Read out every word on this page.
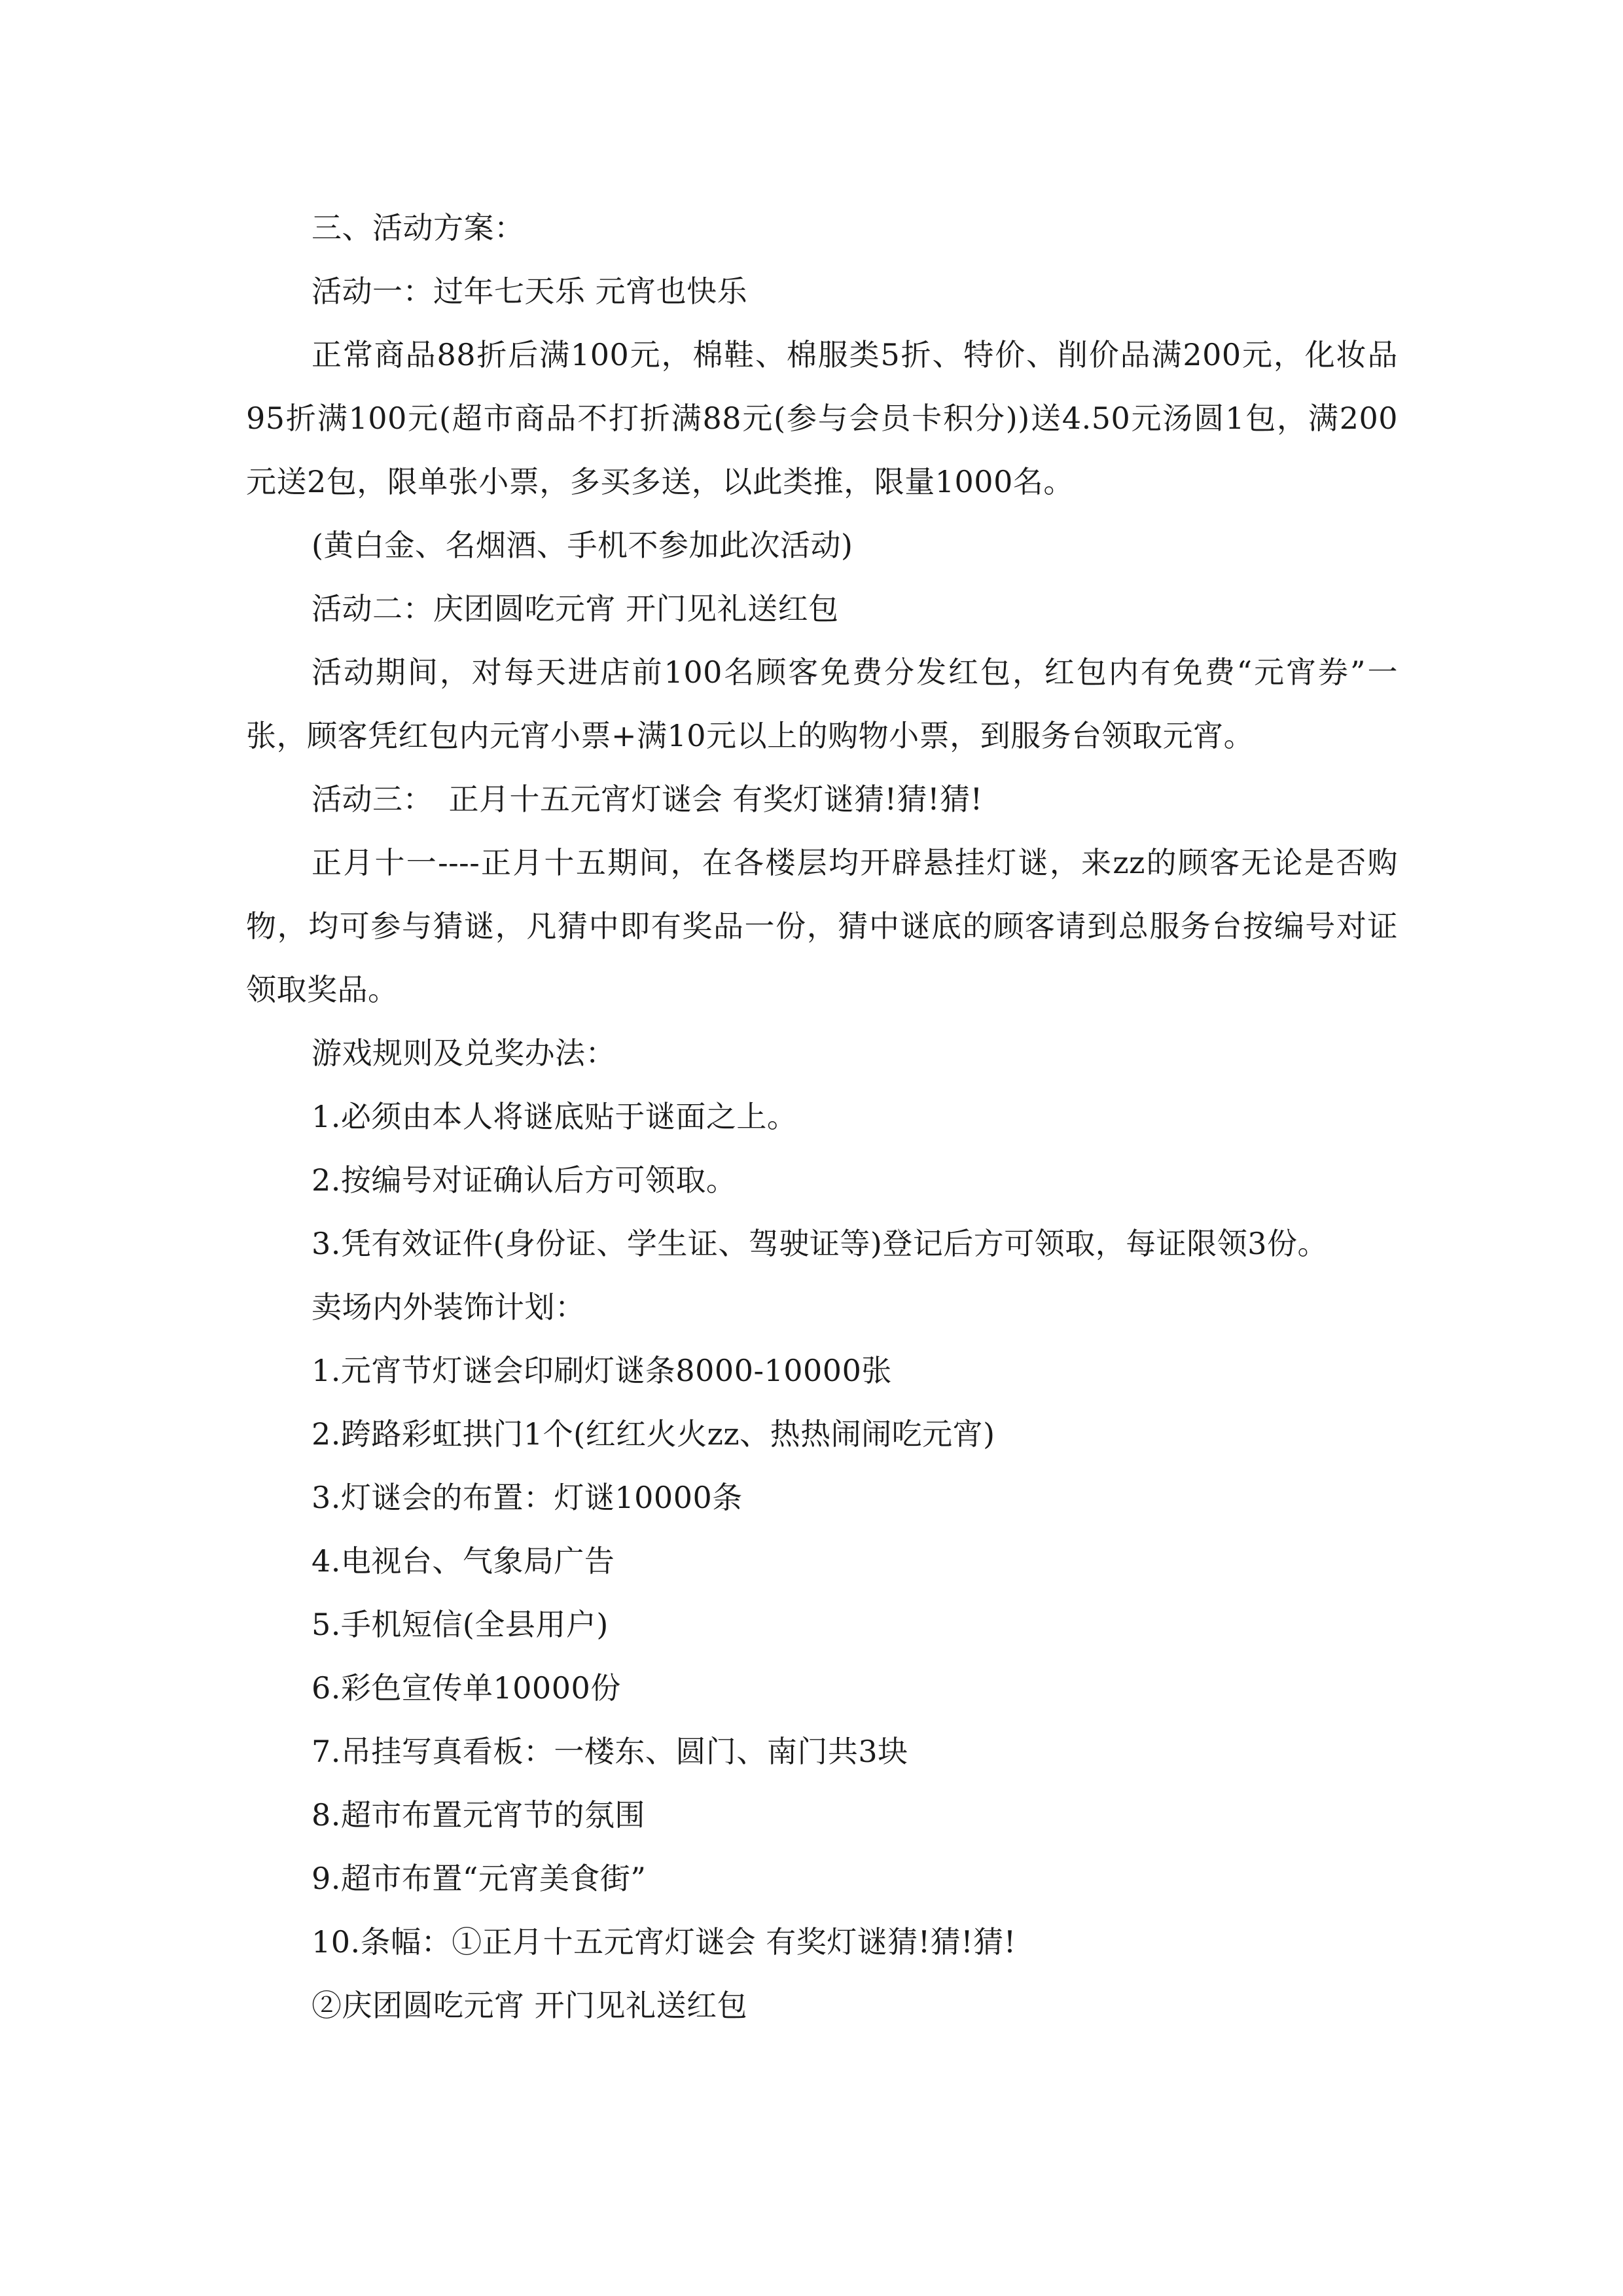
三、活动方案：

活动一：过年七天乐 元宵也快乐

正常商品88折后满100元，棉鞋、棉服类5折、特价、削价品满200元，化妆品95折满100元(超市商品不打折满88元(参与会员卡积分))送4.50元汤圆1包，满200元送2包，限单张小票，多买多送，以此类推，限量1000名。

(黄白金、名烟酒、手机不参加此次活动)

活动二：庆团圆吃元宵 开门见礼送红包

活动期间，对每天进店前100名顾客免费分发红包，红包内有免费“元宵券”一张，顾客凭红包内元宵小票+满10元以上的购物小票，到服务台领取元宵。

活动三：　正月十五元宵灯谜会 有奖灯谜猜!猜!猜!

正月十一----正月十五期间，在各楼层均开辟悬挂灯谜，来zz的顾客无论是否购物，均可参与猜谜，凡猜中即有奖品一份，猜中谜底的顾客请到总服务台按编号对证领取奖品。

游戏规则及兑奖办法：

1.必须由本人将谜底贴于谜面之上。

2.按编号对证确认后方可领取。

3.凭有效证件(身份证、学生证、驾驶证等)登记后方可领取，每证限领3份。

卖场内外装饰计划：

1.元宵节灯谜会印刷灯谜条8000-10000张

2.跨路彩虹拱门1个(红红火火zz、热热闹闹吃元宵)

3.灯谜会的布置：灯谜10000条

4.电视台、气象局广告

5.手机短信(全县用户)

6.彩色宣传单10000份

7.吊挂写真看板：一楼东、圆门、南门共3块

8.超市布置元宵节的氛围

9.超市布置“元宵美食街”

10.条幅：①正月十五元宵灯谜会 有奖灯谜猜!猜!猜!

②庆团圆吃元宵 开门见礼送红包
